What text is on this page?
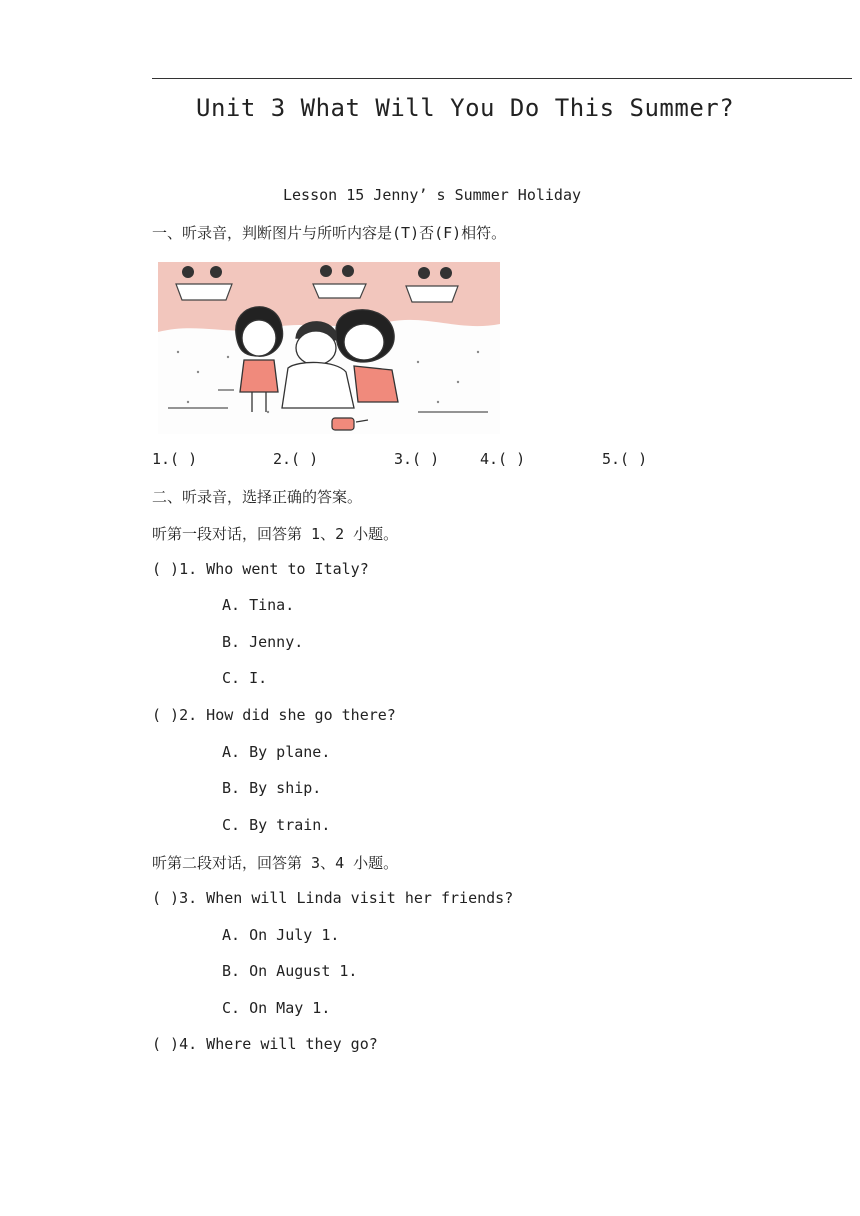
Unit 3 What Will You Do This Summer?
Lesson 15 Jenny’ s Summer Holiday
一、听录音，判断图片与所听内容是(T)否(F)相符。
1.( )	2.( )	3.( )	4.( )	5.( )
二、听录音，选择正确的答案。
听第一段对话，回答第 1、2 小题。
( )1. Who went to Italy?
A. Tina.
B. Jenny.
C. I.
( )2. How did she go there?
A. By plane.
B. By ship.
C. By train.
听第二段对话，回答第 3、4 小题。
( )3. When will Linda visit her friends?
A. On July 1.
B. On August 1.
C. On May 1.
( )4. Where will they go?
